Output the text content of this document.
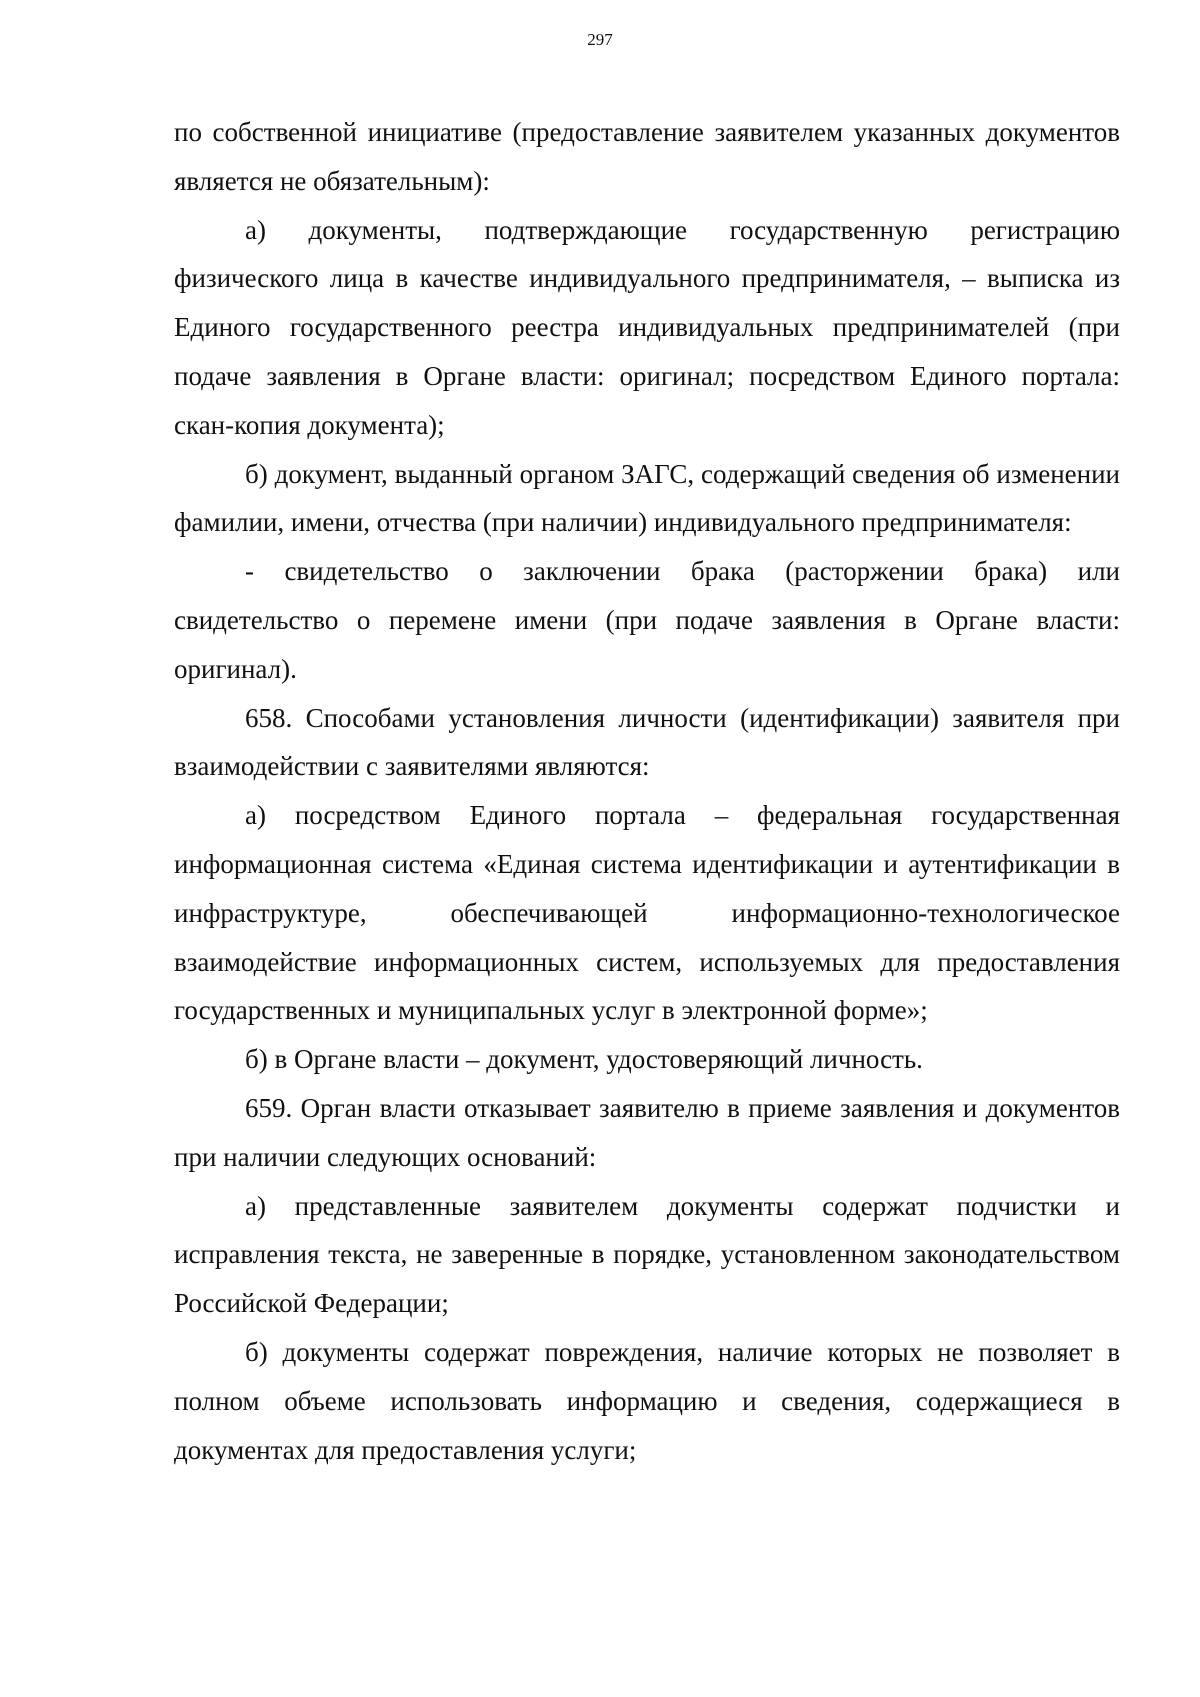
297

по собственной инициативе (предоставление заявителем указанных документов является не обязательным):

а) документы, подтверждающие государственную регистрацию физического лица в качестве индивидуального предпринимателя, – выписка из Единого государственного реестра индивидуальных предпринимателей (при подаче заявления в Органе власти: оригинал; посредством Единого портала: скан-копия документа);

б) документ, выданный органом ЗАГС, содержащий сведения об изменении фамилии, имени, отчества (при наличии) индивидуального предпринимателя:

- свидетельство о заключении брака (расторжении брака) или свидетельство о перемене имени (при подаче заявления в Органе власти: оригинал).

658. Способами установления личности (идентификации) заявителя при взаимодействии с заявителями являются:

а) посредством Единого портала – федеральная государственная информационная система «Единая система идентификации и аутентификации в инфраструктуре, обеспечивающей информационно-технологическое взаимодействие информационных систем, используемых для предоставления государственных и муниципальных услуг в электронной форме»;

б) в Органе власти – документ, удостоверяющий личность.

659. Орган власти отказывает заявителю в приеме заявления и документов при наличии следующих оснований:

а) представленные заявителем документы содержат подчистки и исправления текста, не заверенные в порядке, установленном законодательством Российской Федерации;

б) документы содержат повреждения, наличие которых не позволяет в полном объеме использовать информацию и сведения, содержащиеся в документах для предоставления услуги;
